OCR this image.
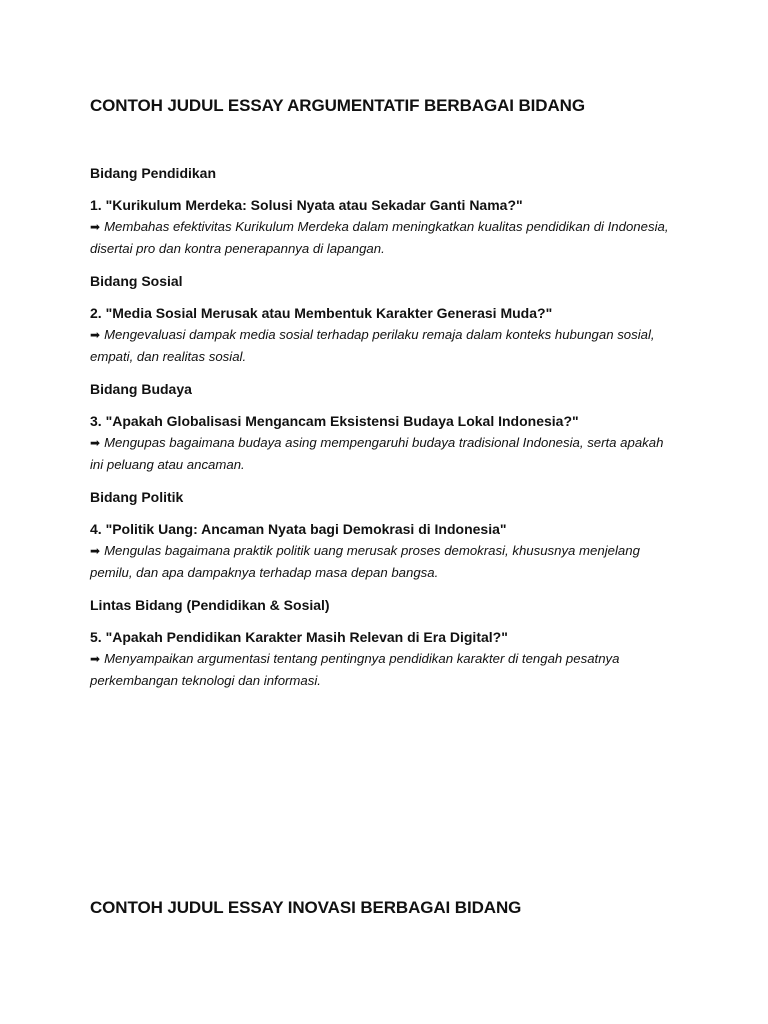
CONTOH JUDUL ESSAY ARGUMENTATIF BERBAGAI BIDANG

Bidang Pendidikan

1. "Kurikulum Merdeka: Solusi Nyata atau Sekadar Ganti Nama?"

➡ Membahas efektivitas Kurikulum Merdeka dalam meningkatkan kualitas pendidikan di Indonesia, disertai pro dan kontra penerapannya di lapangan.

Bidang Sosial

2. "Media Sosial Merusak atau Membentuk Karakter Generasi Muda?"

➡ Mengevaluasi dampak media sosial terhadap perilaku remaja dalam konteks hubungan sosial, empati, dan realitas sosial.

Bidang Budaya

3. "Apakah Globalisasi Mengancam Eksistensi Budaya Lokal Indonesia?"

➡ Mengupas bagaimana budaya asing mempengaruhi budaya tradisional Indonesia, serta apakah ini peluang atau ancaman.

Bidang Politik

4. "Politik Uang: Ancaman Nyata bagi Demokrasi di Indonesia"

➡ Mengulas bagaimana praktik politik uang merusak proses demokrasi, khususnya menjelang pemilu, dan apa dampaknya terhadap masa depan bangsa.

Lintas Bidang (Pendidikan & Sosial)

5. "Apakah Pendidikan Karakter Masih Relevan di Era Digital?"

➡ Menyampaikan argumentasi tentang pentingnya pendidikan karakter di tengah pesatnya perkembangan teknologi dan informasi.

CONTOH JUDUL ESSAY INOVASI BERBAGAI BIDANG
